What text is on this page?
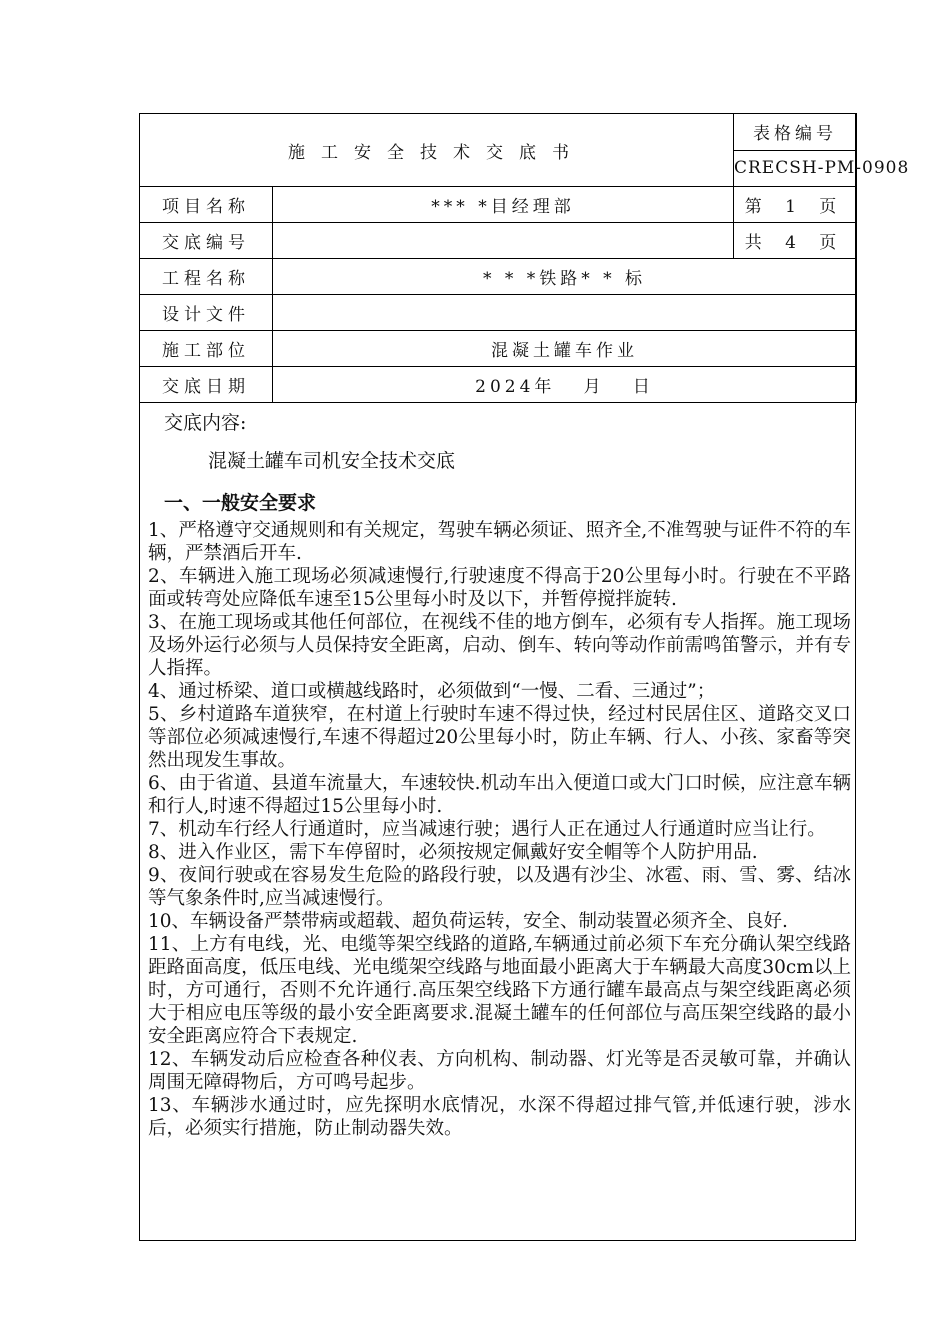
施工安全技术交底书		表格编号
		CRECSH-PM-0908
项目名称	*** *目经理部	第 1 页
交底编号		共 4 页
工程名称	* * *铁路* * 标	
设计文件		
施工部位	混凝土罐车作业	
交底日期	2024年   月   日	
交底内容:
混凝土罐车司机安全技术交底
一、一般安全要求

1、严格遵守交通规则和有关规定，驾驶车辆必须证、照齐全,不准驾驶与证件不符的车辆，严禁酒后开车.

2、车辆进入施工现场必须减速慢行,行驶速度不得高于20公里每小时。行驶在不平路面或转弯处应降低车速至15公里每小时及以下，并暂停搅拌旋转.

3、在施工现场或其他任何部位，在视线不佳的地方倒车，必须有专人指挥。施工现场及场外运行必须与人员保持安全距离，启动、倒车、转向等动作前需鸣笛警示，并有专人指挥。

4、通过桥梁、道口或横越线路时，必须做到“一慢、二看、三通过”；

5、乡村道路车道狭窄，在村道上行驶时车速不得过快，经过村民居住区、道路交叉口等部位必须减速慢行,车速不得超过20公里每小时，防止车辆、行人、小孩、家畜等突然出现发生事故。

6、由于省道、县道车流量大，车速较快.机动车出入便道口或大门口时候，应注意车辆和行人,时速不得超过15公里每小时.

7、机动车行经人行通道时，应当减速行驶；遇行人正在通过人行通道时应当让行。

8、进入作业区，需下车停留时，必须按规定佩戴好安全帽等个人防护用品.

9、夜间行驶或在容易发生危险的路段行驶，以及遇有沙尘、冰雹、雨、雪、雾、结冰等气象条件时,应当减速慢行。

10、车辆设备严禁带病或超载、超负荷运转，安全、制动装置必须齐全、良好.

11、上方有电线，光、电缆等架空线路的道路,车辆通过前必须下车充分确认架空线路距路面高度，低压电线、光电缆架空线路与地面最小距离大于车辆最大高度30cm以上时，方可通行，否则不允许通行.高压架空线路下方通行罐车最高点与架空线距离必须大于相应电压等级的最小安全距离要求.混凝土罐车的任何部位与高压架空线路的最小安全距离应符合下表规定.

12、车辆发动后应检查各种仪表、方向机构、制动器、灯光等是否灵敏可靠，并确认周围无障碍物后，方可鸣号起步。

13、车辆涉水通过时，应先探明水底情况，水深不得超过排气管,并低速行驶，涉水后，必须实行措施，防止制动器失效。
